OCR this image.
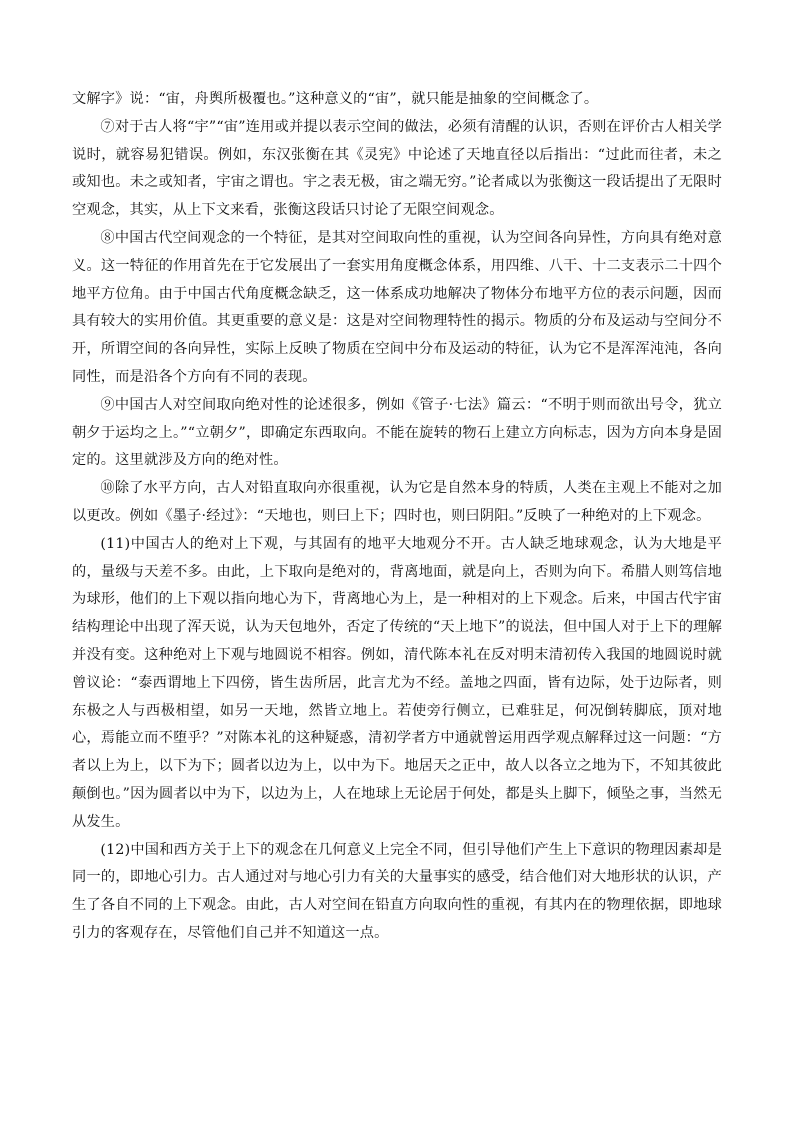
文解字》说：“宙，舟舆所极覆也。”这种意义的“宙”，就只能是抽象的空间概念了。

⑦对于古人将“宇”“宙”连用或并提以表示空间的做法，必须有清醒的认识，否则在评价古人相关学说时，就容易犯错误。例如，东汉张衡在其《灵宪》中论述了天地直径以后指出：“过此而往者，未之或知也。未之或知者，宇宙之谓也。宇之表无极，宙之端无穷。”论者咸以为张衡这一段话提出了无限时空观念，其实，从上下文来看，张衡这段话只讨论了无限空间观念。

⑧中国古代空间观念的一个特征，是其对空间取向性的重视，认为空间各向异性，方向具有绝对意义。这一特征的作用首先在于它发展出了一套实用角度概念体系，用四维、八干、十二支表示二十四个地平方位角。由于中国古代角度概念缺乏，这一体系成功地解决了物体分布地平方位的表示问题，因而具有较大的实用价值。其更重要的意义是：这是对空间物理特性的揭示。物质的分布及运动与空间分不开，所谓空间的各向异性，实际上反映了物质在空间中分布及运动的特征，认为它不是浑浑沌沌，各向同性，而是沿各个方向有不同的表现。

⑨中国古人对空间取向绝对性的论述很多，例如《管子·七法》篇云：“不明于则而欲出号令，犹立朝夕于运均之上。”“立朝夕”，即确定东西取向。不能在旋转的物石上建立方向标志，因为方向本身是固定的。这里就涉及方向的绝对性。

⑩除了水平方向，古人对铅直取向亦很重视，认为它是自然本身的特质，人类在主观上不能对之加以更改。例如《墨子·经过》：“天地也，则曰上下；四时也，则曰阴阳。”反映了一种绝对的上下观念。

(11)中国古人的绝对上下观，与其固有的地平大地观分不开。古人缺乏地球观念，认为大地是平的，量级与天差不多。由此，上下取向是绝对的，背离地面，就是向上，否则为向下。希腊人则笃信地为球形，他们的上下观以指向地心为下，背离地心为上，是一种相对的上下观念。后来，中国古代宇宙结构理论中出现了浑天说，认为天包地外，否定了传统的“天上地下”的说法，但中国人对于上下的理解并没有变。这种绝对上下观与地圆说不相容。例如，清代陈本礼在反对明末清初传入我国的地圆说时就曾议论：“泰西谓地上下四傍，皆生齿所居，此言尤为不经。盖地之四面，皆有边际，处于边际者，则东极之人与西极相望，如另一天地，然皆立地上。若使旁行侧立，已难驻足，何况倒转脚底，顶对地心，焉能立而不堕乎？”对陈本礼的这种疑惑，清初学者方中通就曾运用西学观点解释过这一问题：“方者以上为上，以下为下；圆者以边为上，以中为下。地居天之正中，故人以各立之地为下，不知其彼此颠倒也。”因为圆者以中为下，以边为上，人在地球上无论居于何处，都是头上脚下，倾坠之事，当然无从发生。

(12)中国和西方关于上下的观念在几何意义上完全不同，但引导他们产生上下意识的物理因素却是同一的，即地心引力。古人通过对与地心引力有关的大量事实的感受，结合他们对大地形状的认识，产生了各自不同的上下观念。由此，古人对空间在铅直方向取向性的重视，有其内在的物理依据，即地球引力的客观存在，尽管他们自己并不知道这一点。
